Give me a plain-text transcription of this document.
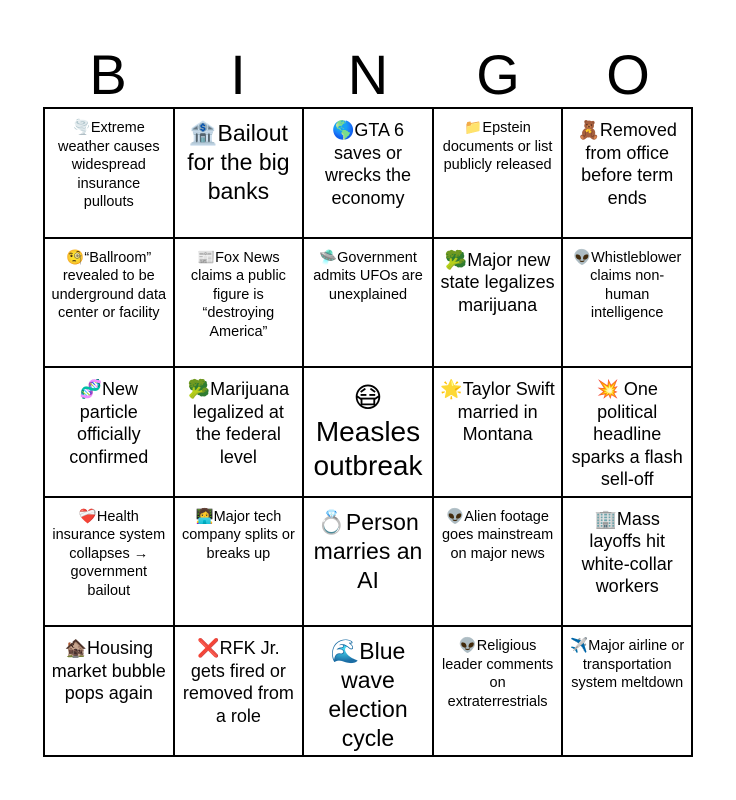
B	I	N	G	O
🌪️Extreme weather causes widespread insurance pullouts
🏦Bailout for the big banks
🌎GTA 6 saves or wrecks the economy
📁Epstein documents or list publicly released
🧸Removed from office before term ends
🧐“Ballroom” revealed to be underground data center or facility
📰Fox News claims a public figure is “destroying America”
🛸Government admits UFOs are unexplained
🥦Major new state legalizes marijuana
👽Whistleblower claims non-human intelligence
🧬New particle officially confirmed
🥦Marijuana legalized at the federal level
😷Measles outbreak
🌟Taylor Swift married in Montana
💥 One political headline sparks a flash sell-off
❤️‍🩹Health insurance system collapses → government bailout
👩‍💻Major tech company splits or breaks up
💍Person marries an AI
👽Alien footage goes mainstream on major news
🏢Mass layoffs hit white-collar workers
🏚️Housing market bubble pops again
❌RFK Jr. gets fired or removed from a role
🌊Blue wave election cycle
👽Religious leader comments on extraterrestrials
✈️Major airline or transportation system meltdown
